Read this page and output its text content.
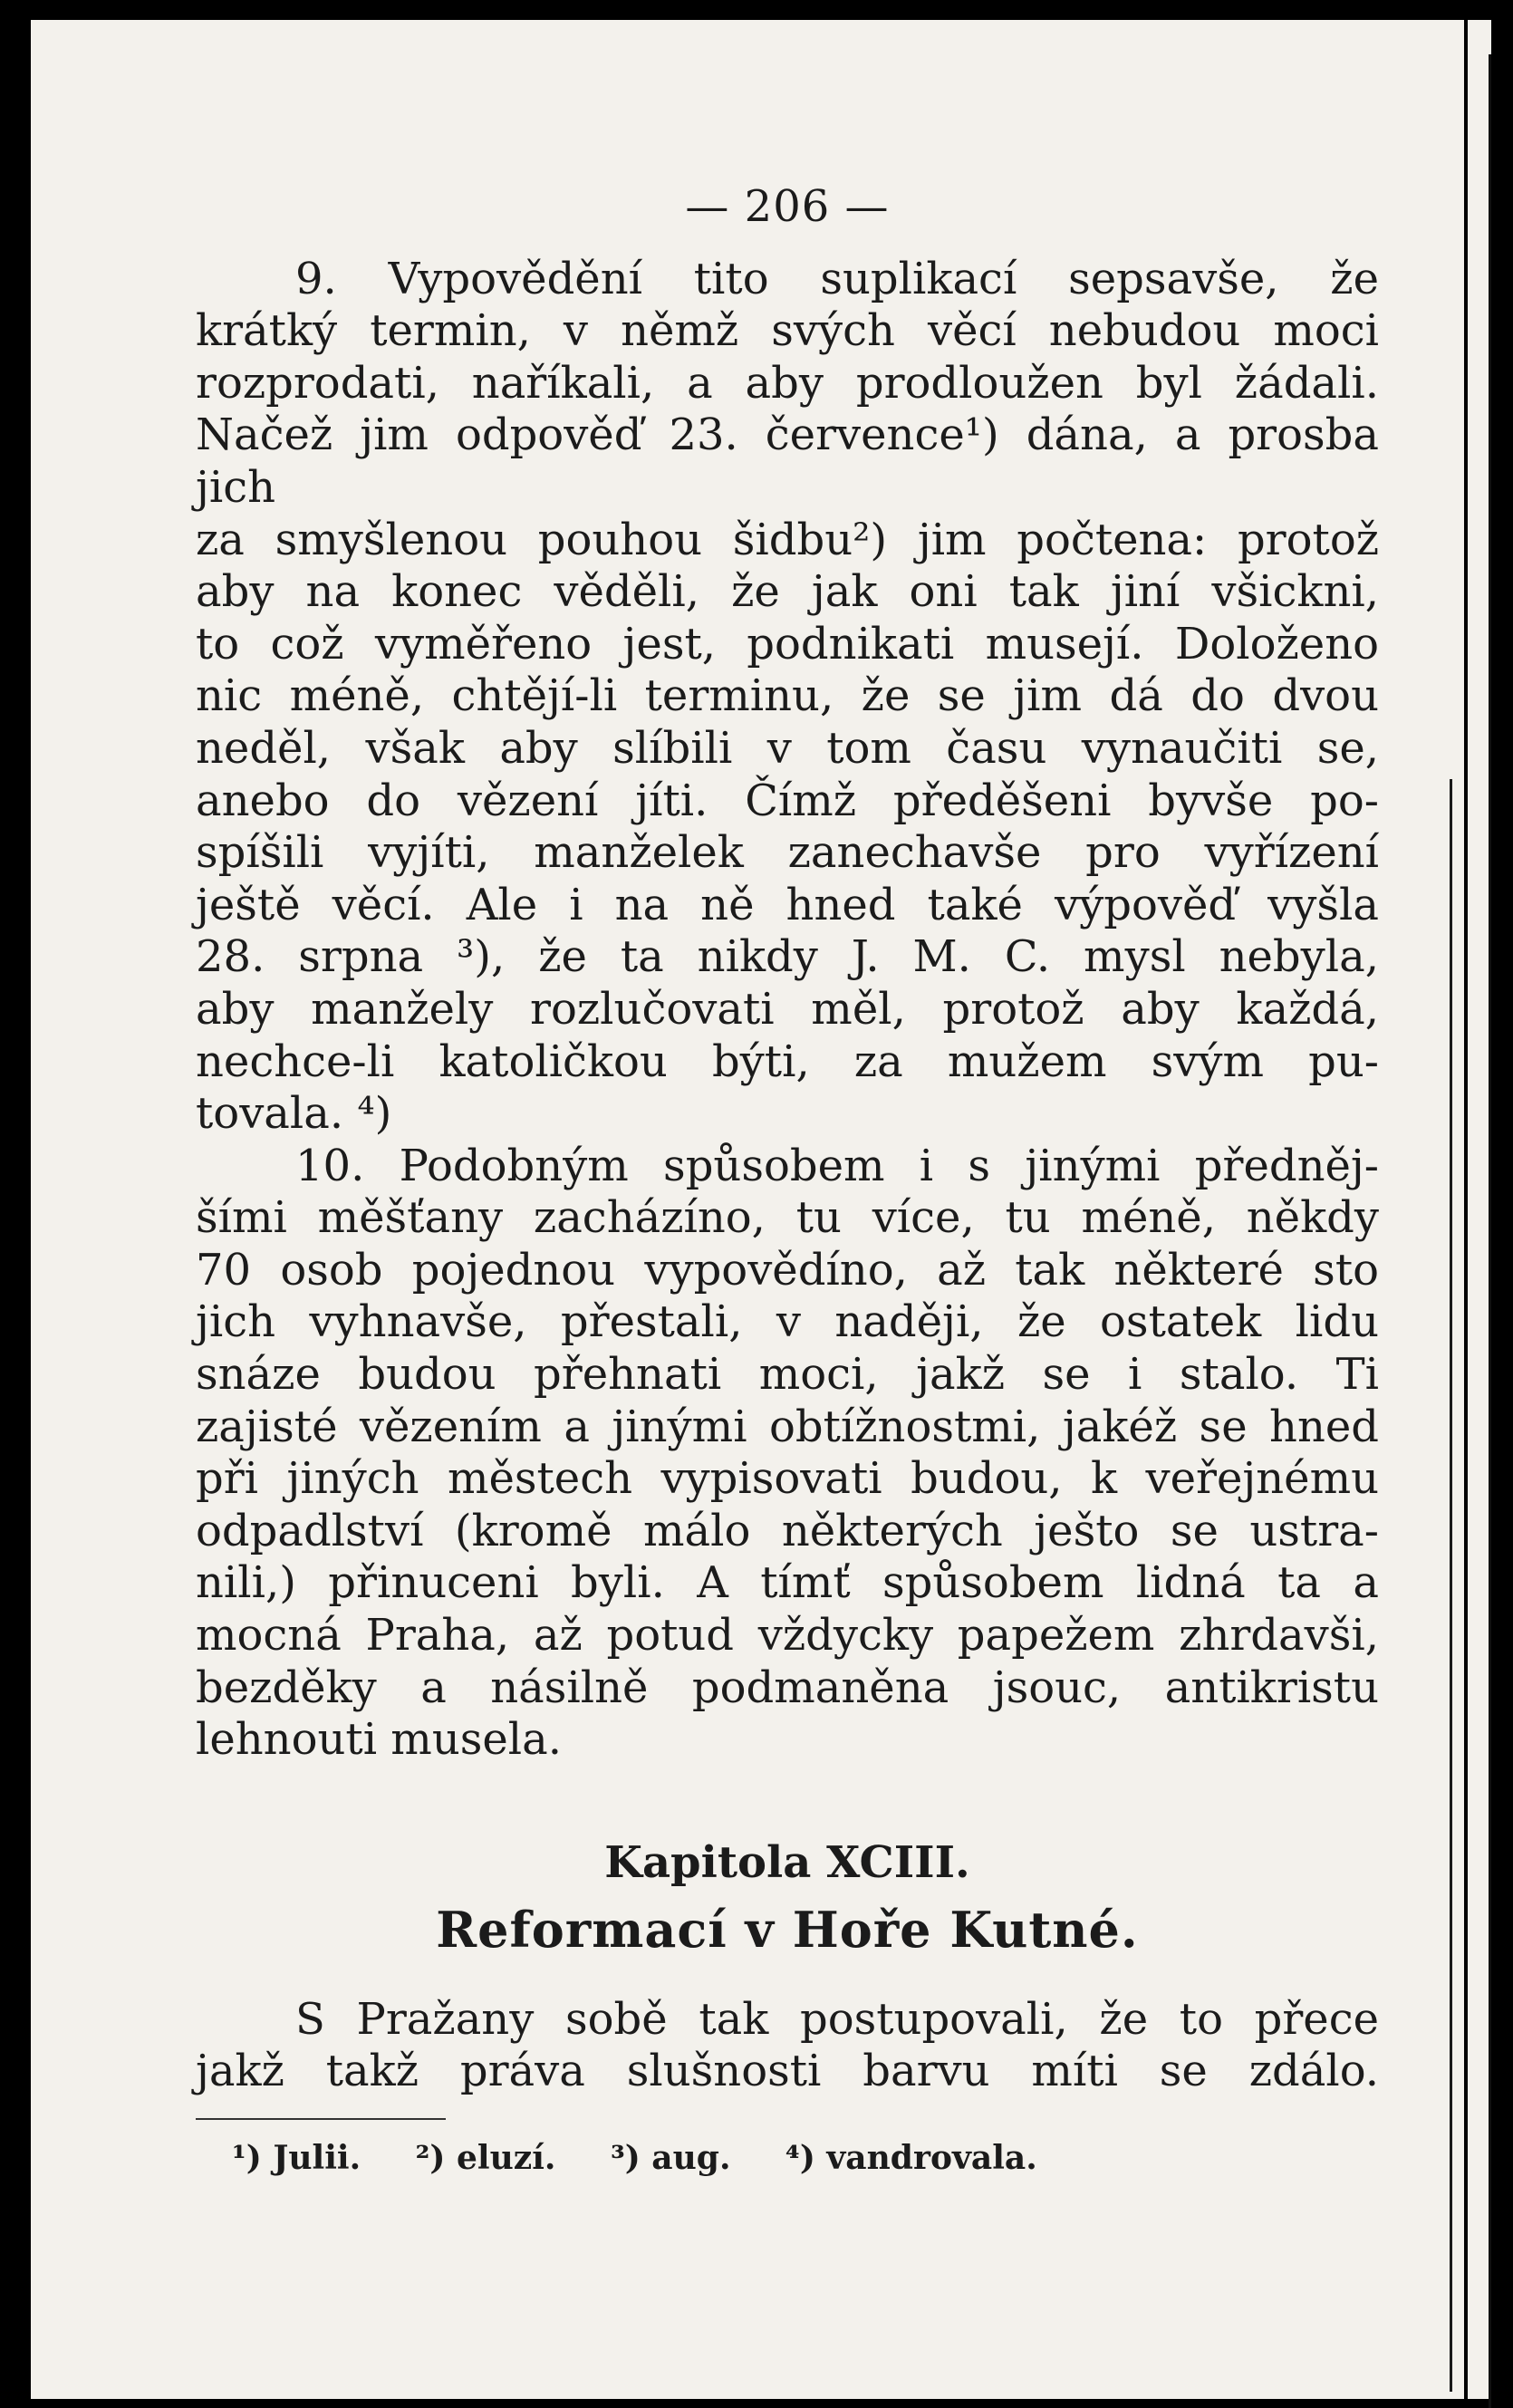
— 206 —

9. Vypovědění tito suplikací sepsavše, že

krátký termin, v němž svých věcí nebudou moci

rozprodati, naříkali, a aby prodloužen byl žádali.

Načež jim odpověď 23. července¹) dána, a prosba jich

za smyšlenou pouhou šidbu²) jim počtena: protož

aby na konec věděli, že jak oni tak jiní všickni,

to což vyměřeno jest, podnikati musejí. Doloženo

nic méně, chtějí-li terminu, že se jim dá do dvou

neděl, však aby slíbili v tom času vynaučiti se,

anebo do vězení jíti. Čímž předěšeni byvše po-

spíšili vyjíti, manželek zanechavše pro vyřízení

ještě věcí. Ale i na ně hned také výpověď vyšla

28. srpna ³), že ta nikdy J. M. C. mysl nebyla,

aby manžely rozlučovati měl, protož aby každá,

nechce-li katoličkou býti, za mužem svým pu-

tovala. ⁴)

10. Podobným spůsobem i s jinými předněj-

šími měšťany zacházíno, tu více, tu méně, někdy

70 osob pojednou vypovědíno, až tak některé sto

jich vyhnavše, přestali, v naději, že ostatek lidu

snáze budou přehnati moci, jakž se i stalo. Ti

zajisté vězením a jinými obtížnostmi, jakéž se hned

při jiných městech vypisovati budou, k veřejnému

odpadlství (kromě málo některých ješto se ustra-

nili,) přinuceni byli. A tímť spůsobem lidná ta a

mocná Praha, až potud vždycky papežem zhrdavši,

bezděky a násilně podmaněna jsouc, antikristu

lehnouti musela.

Kapitola XCIII.
Reformací v Hoře Kutné.

S Pražany sobě tak postupovali, že to přece

jakž takž práva slušnosti barvu míti se zdálo.

¹) Julii. ²) eluzí. ³) aug. ⁴) vandrovala.
